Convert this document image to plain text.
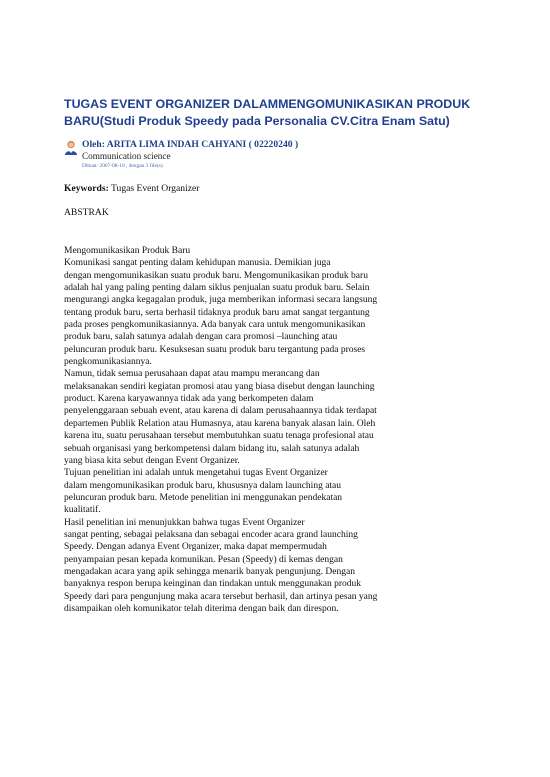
TUGAS EVENT ORGANIZER DALAMMENGOMUNIKASIKAN PRODUK
BARU(Studi Produk Speedy pada Personalia CV.Citra Enam Satu)
Oleh: ARITA LIMA INDAH CAHYANI ( 02220240 )
Communication science
Dibuat: 2007-08-10 , dengan 3 file(s).
Keywords: Tugas Event Organizer
ABSTRAK
Mengomunikasikan Produk Baru
Komunikasi sangat penting dalam kehidupan manusia. Demikian juga
dengan mengomunikasikan suatu produk baru. Mengomunikasikan produk baru
adalah hal yang paling penting dalam siklus penjualan suatu produk baru. Selain
mengurangi angka kegagalan produk, juga memberikan informasi secara langsung
tentang produk baru, serta berhasil tidaknya produk baru amat sangat tergantung
pada proses pengkomunikasiannya. Ada banyak cara untuk mengomunikasikan
produk baru, salah satunya adalah dengan cara promosi –launching atau
peluncuran produk baru. Kesuksesan suatu produk baru tergantung pada proses
pengkomunikasiannya.
Namun, tidak semua perusahaan dapat atau mampu merancang dan
melaksanakan sendiri kegiatan promosi atau yang biasa disebut dengan launching
product. Karena karyawannya tidak ada yang berkompeten dalam
penyelenggaraan sebuah event, atau karena di dalam perusahaannya tidak terdapat
departemen Publik Relation atau Humasnya, atau karena banyak alasan lain. Oleh
karena itu, suatu perusahaan tersebut membutuhkan suatu tenaga profesional atau
sebuah organisasi yang berkompetensi dalam bidang itu, salah satunya adalah
yang biasa kita sebut dengan Event Organizer.
Tujuan penelitian ini adalah untuk mengetahui tugas Event Organizer
dalam mengomunikasikan produk baru, khususnya dalam launching atau
peluncuran produk baru. Metode penelitian ini menggunakan pendekatan
kualitatif.
Hasil penelitian ini menunjukkan bahwa tugas Event Organizer
sangat penting, sebagai pelaksana dan sebagai encoder acara grand launching
Speedy. Dengan adanya Event Organizer, maka dapat mempermudah
penyampaian pesan kepada komunikan. Pesan (Speedy) di kemas dengan
mengadakan acara yang apik sehingga menarik banyak pengunjung. Dengan
banyaknya respon berupa keinginan dan tindakan untuk menggunakan produk
Speedy dari para pengunjung maka acara tersebut berhasil, dan artinya pesan yang
disampaikan oleh komunikator telah diterima dengan baik dan direspon.
